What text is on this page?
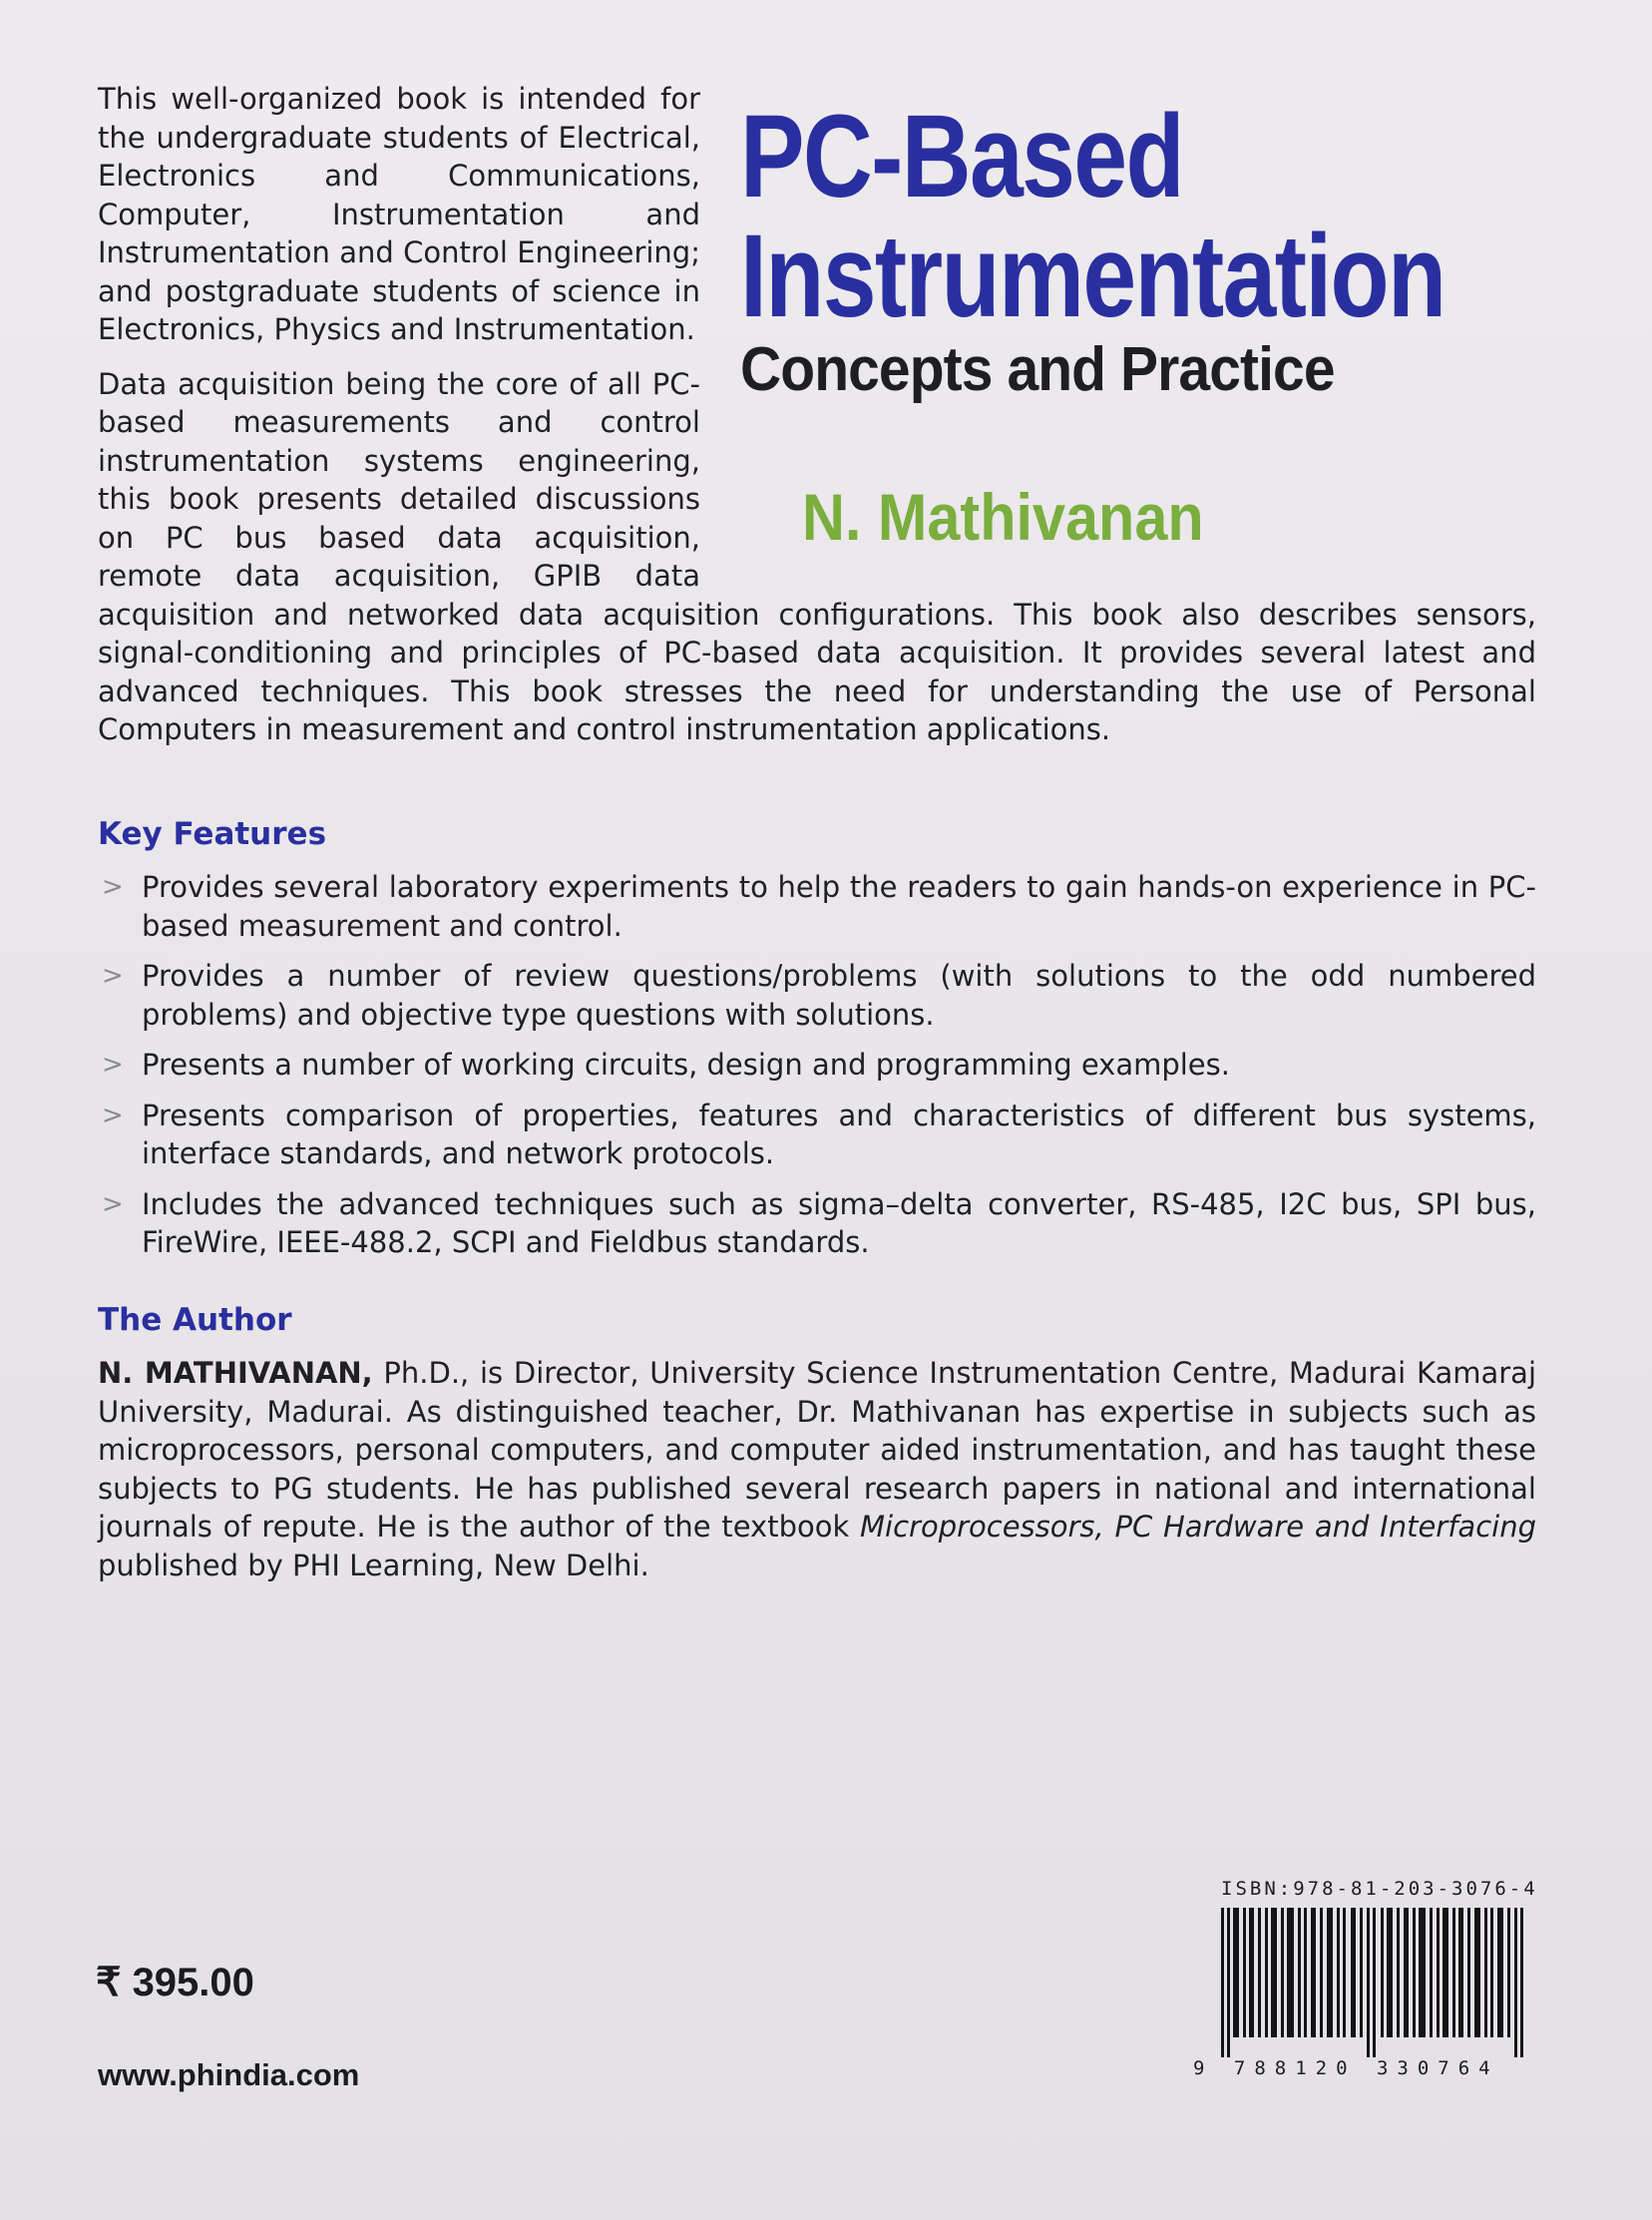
PC-Based
Instrumentation
Concepts and Practice
N. Mathivanan

This well-organized book is intended for the undergraduate students of Electrical, Electronics and Communications, Computer, Instrumentation and Instrumentation and Control Engineering; and postgraduate students of science in Electronics, Physics and Instrumentation.

Data acquisition being the core of all PC-based measurements and control instrumentation systems engineering, this book presents detailed discussions on PC bus based data acquisition, remote data acquisition, GPIB data acquisition and networked data acquisition configurations. This book also describes sensors, signal-conditioning and principles of PC-based data acquisition. It provides several latest and advanced techniques. This book stresses the need for understanding the use of Personal Computers in measurement and control instrumentation applications.

Key Features
> Provides several laboratory experiments to help the readers to gain hands-on experience in PC-based measurement and control.
> Provides a number of review questions/problems (with solutions to the odd numbered problems) and objective type questions with solutions.
> Presents a number of working circuits, design and programming examples.
> Presents comparison of properties, features and characteristics of different bus systems, interface standards, and network protocols.
> Includes the advanced techniques such as sigma–delta converter, RS-485, I2C bus, SPI bus, FireWire, IEEE-488.2, SCPI and Fieldbus standards.
The Author

N. MATHIVANAN, Ph.D., is Director, University Science Instrumentation Centre, Madurai Kamaraj University, Madurai. As distinguished teacher, Dr. Mathivanan has expertise in subjects such as microprocessors, personal computers, and computer aided instrumentation, and has taught these subjects to PG students. He has published several research papers in national and international journals of repute. He is the author of the textbook Microprocessors, PC Hardware and Interfacing published by PHI Learning, New Delhi.

₹ 395.00
www.phindia.com
ISBN:978-81-203-3076-4
9 788120 330764
